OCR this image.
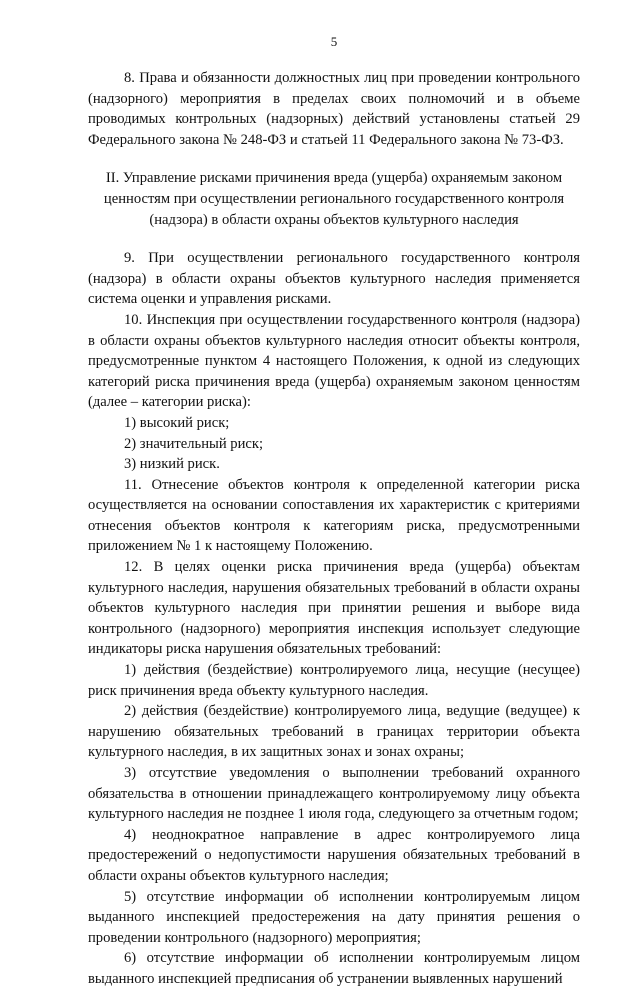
5

8. Права и обязанности должностных лиц при проведении контрольного (надзорного) мероприятия в пределах своих полномочий и в объеме проводимых контрольных (надзорных) действий установлены статьей 29 Федерального закона № 248-ФЗ и статьей 11 Федерального закона № 73-ФЗ.

II. Управление рисками причинения вреда (ущерба) охраняемым законом ценностям при осуществлении регионального государственного контроля (надзора) в области охраны объектов культурного наследия

9. При осуществлении регионального государственного контроля (надзора) в области охраны объектов культурного наследия применяется система оценки и управления рисками.

10. Инспекция при осуществлении государственного контроля (надзора) в области охраны объектов культурного наследия относит объекты контроля, предусмотренные пунктом 4 настоящего Положения, к одной из следующих категорий риска причинения вреда (ущерба) охраняемым законом ценностям (далее – категории риска):

1) высокий риск;

2) значительный риск;

3) низкий риск.

11. Отнесение объектов контроля к определенной категории риска осуществляется на основании сопоставления их характеристик с критериями отнесения объектов контроля к категориям риска, предусмотренными приложением № 1 к настоящему Положению.

12. В целях оценки риска причинения вреда (ущерба) объектам культурного наследия, нарушения обязательных требований в области охраны объектов культурного наследия при принятии решения и выборе вида контрольного (надзорного) мероприятия инспекция использует следующие индикаторы риска нарушения обязательных требований:

1) действия (бездействие) контролируемого лица, несущие (несущее) риск причинения вреда объекту культурного наследия.

2) действия (бездействие) контролируемого лица, ведущие (ведущее) к нарушению обязательных требований в границах территории объекта культурного наследия, в их защитных зонах и зонах охраны;

3) отсутствие уведомления о выполнении требований охранного обязательства в отношении принадлежащего контролируемому лицу объекта культурного наследия не позднее 1 июля года, следующего за отчетным годом;

4) неоднократное направление в адрес контролируемого лица предостережений о недопустимости нарушения обязательных требований в области охраны объектов культурного наследия;

5) отсутствие информации об исполнении контролируемым лицом выданного инспекцией предостережения на дату принятия решения о проведении контрольного (надзорного) мероприятия;

6) отсутствие информации об исполнении контролируемым лицом выданного инспекцией предписания об устранении выявленных нарушений
